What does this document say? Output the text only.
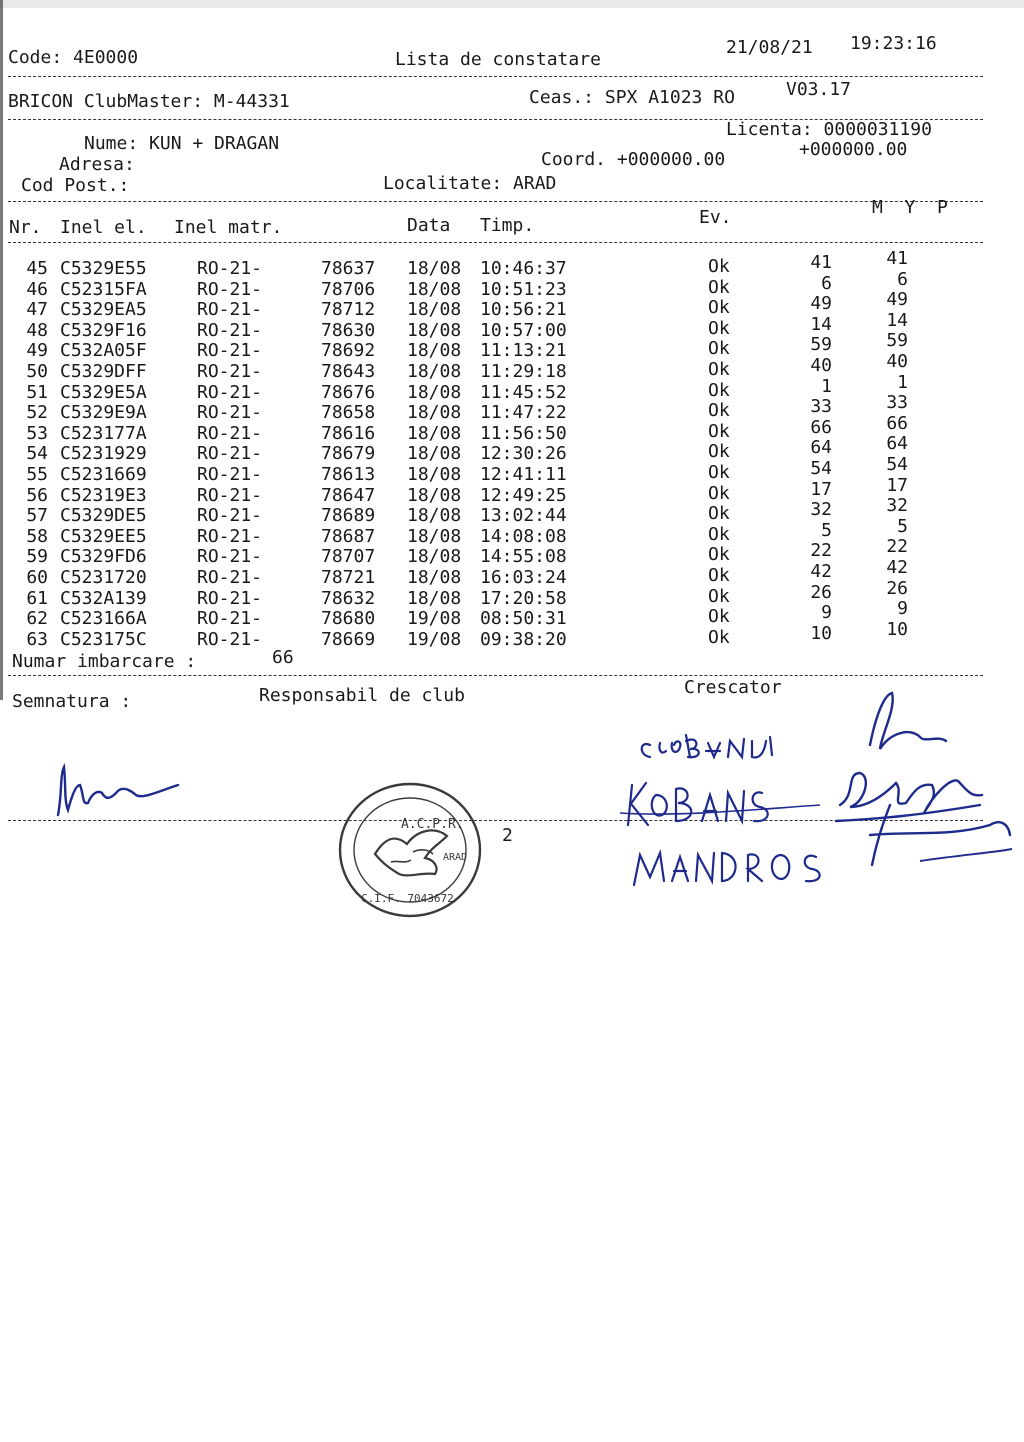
Code: 4E0000	Lista de constatare
21/08/21 19:23:16
BRICON ClubMaster: M-44331	Ceas.: SPX A1023 RO	V03.17
Licenta: 0000031190
Nume: KUN + DRAGAN
Adresa:	Coord. +000000.00	+000000.00
Cod Post.:	Localitate: ARAD
Nr. Inel el. Inel matr.	Data Timp.	Ev.	M  Y  P
45 C5329E55	RO-21-	78637 18/08 10:46:37	Ok	41	41
46 C52315FA	RO-21-	78706 18/08 10:51:23	Ok	6	6
47 C5329EA5	RO-21-	78712 18/08 10:56:21	Ok	49	49
48 C5329F16	RO-21-	78630 18/08 10:57:00	Ok	14	14
49 C532A05F	RO-21-	78692 18/08 11:13:21	Ok	59	59
50 C5329DFF	RO-21-	78643 18/08 11:29:18	Ok	40	40
51 C5329E5A	RO-21-	78676 18/08 11:45:52	Ok	1	1
52 C5329E9A	RO-21-	78658 18/08 11:47:22	Ok	33	33
53 C523177A	RO-21-	78616 18/08 11:56:50	Ok	66	66
54 C5231929	RO-21-	78679 18/08 12:30:26	Ok	64	64
55 C5231669	RO-21-	78613 18/08 12:41:11	Ok	54	54
56 C52319E3	RO-21-	78647 18/08 12:49:25	Ok	17	17
57 C5329DE5	RO-21-	78689 18/08 13:02:44	Ok	32	32
58 C5329EE5	RO-21-	78687 18/08 14:08:08	Ok	5	5
59 C5329FD6	RO-21-	78707 18/08 14:55:08	Ok	22	22
60 C5231720	RO-21-	78721 18/08 16:03:24	Ok	42	42
61 C532A139	RO-21-	78632 18/08 17:20:58	Ok	26	26
62 C523166A	RO-21-	78680 19/08 08:50:31	Ok	9	9
63 C523175C	RO-21-	78669 19/08 09:38:20	Ok	10	10
Numar imbarcare :	66
Semnatura :	Responsabil de club	Crescator
2
A.C.P.R.
ARAD
C.I.F. 7043672
